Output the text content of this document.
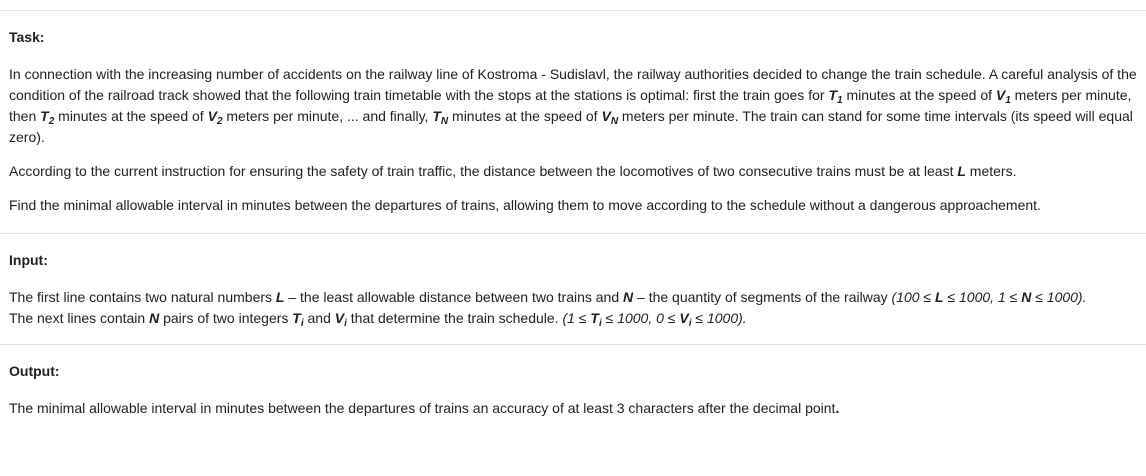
Task:

In connection with the increasing number of accidents on the railway line of Kostroma - Sudislavl, the railway authorities decided to change the train schedule. A careful analysis of the condition of the railroad track showed that the following train timetable with the stops at the stations is optimal: first the train goes for $T_1$ minutes at the speed of $V_1$ meters per minute, then $T_2$ minutes at the speed of $V_2$ meters per minute, ... and finally, $T_N$ minutes at the speed of $V_N$ meters per minute. The train can stand for some time intervals (its speed will equal zero).

According to the current instruction for ensuring the safety of train traffic, the distance between the locomotives of two consecutive trains must be at least L meters.

Find the minimal allowable interval in minutes between the departures of trains, allowing them to move according to the schedule without a dangerous approachement.

Input:

The first line contains two natural numbers L – the least allowable distance between two trains and N – the quantity of segments of the railway (100 ≤ L ≤ 1000, 1 ≤ N ≤ 1000).
The next lines contain N pairs of two integers $T_i$ and $V_i$ that determine the train schedule. ($1 \le T_i \le 1000$, $0 \le V_i \le 1000$).

Output:

The minimal allowable interval in minutes between the departures of trains an accuracy of at least 3 characters after the decimal point.
